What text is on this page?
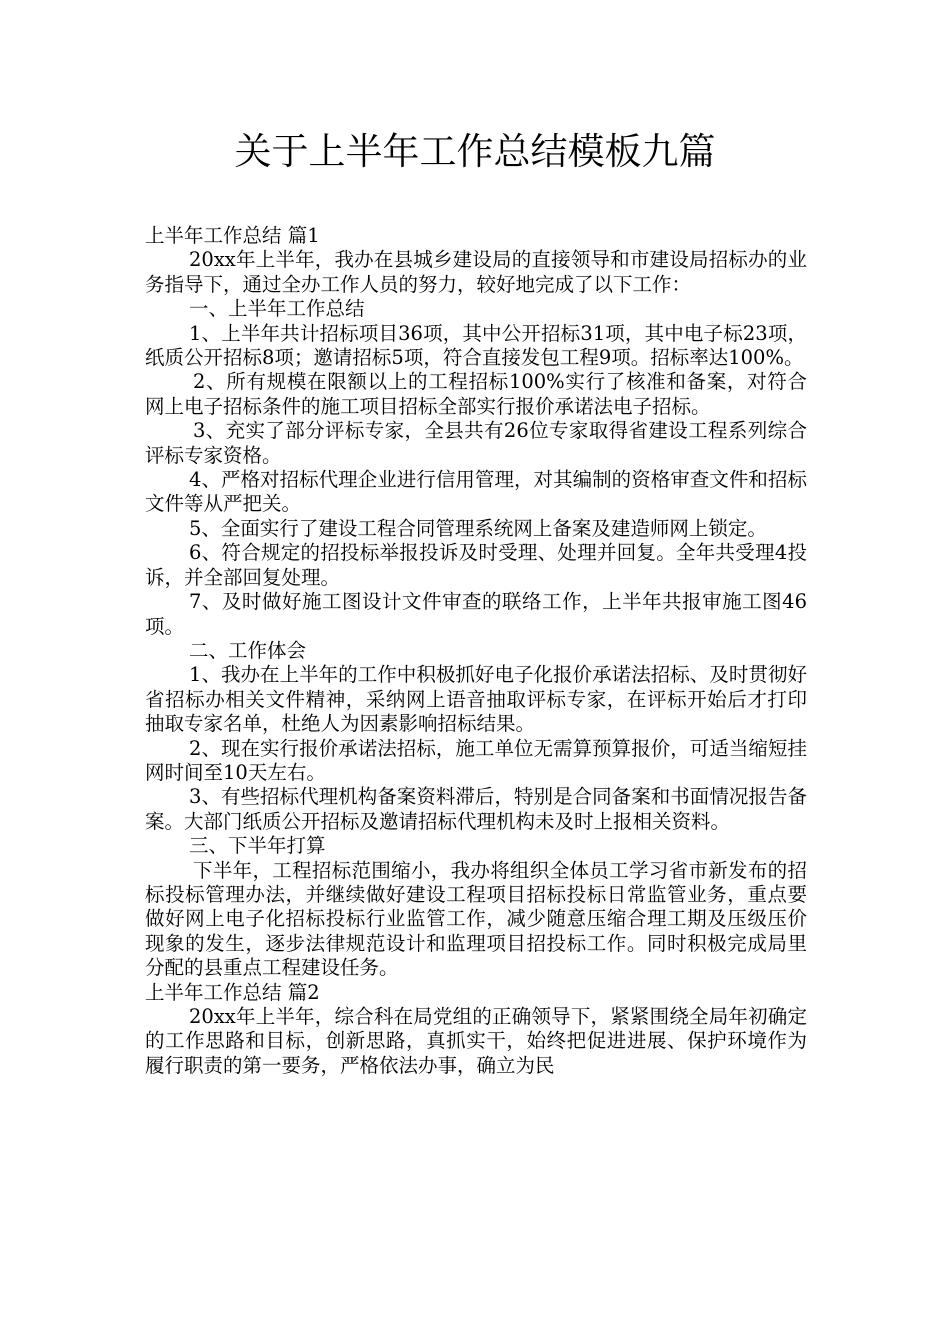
关于上半年工作总结模板九篇

上半年工作总结 篇1

20xx年上半年，我办在县城乡建设局的直接领导和市建设局招标办的业务指导下，通过全办工作人员的努力，较好地完成了以下工作：

一、上半年工作总结

1、上半年共计招标项目36项，其中公开招标31项，其中电子标23项，纸质公开招标8项；邀请招标5项，符合直接发包工程9项。招标率达100%。

2、所有规模在限额以上的工程招标100%实行了核准和备案，对符合网上电子招标条件的施工项目招标全部实行报价承诺法电子招标。

3、充实了部分评标专家，全县共有26位专家取得省建设工程系列综合评标专家资格。

4、严格对招标代理企业进行信用管理，对其编制的资格审查文件和招标文件等从严把关。

5、全面实行了建设工程合同管理系统网上备案及建造师网上锁定。

6、符合规定的招投标举报投诉及时受理、处理并回复。全年共受理4投诉，并全部回复处理。

7、及时做好施工图设计文件审查的联络工作，上半年共报审施工图46项。

二、工作体会

1、我办在上半年的工作中积极抓好电子化报价承诺法招标、及时贯彻好省招标办相关文件精神，采纳网上语音抽取评标专家，在评标开始后才打印抽取专家名单，杜绝人为因素影响招标结果。

2、现在实行报价承诺法招标，施工单位无需算预算报价，可适当缩短挂网时间至10天左右。

3、有些招标代理机构备案资料滞后，特别是合同备案和书面情况报告备案。大部门纸质公开招标及邀请招标代理机构未及时上报相关资料。

三、下半年打算

下半年，工程招标范围缩小，我办将组织全体员工学习省市新发布的招标投标管理办法，并继续做好建设工程项目招标投标日常监管业务，重点要做好网上电子化招标投标行业监管工作，减少随意压缩合理工期及压级压价现象的发生，逐步法律规范设计和监理项目招投标工作。同时积极完成局里分配的县重点工程建设任务。

上半年工作总结 篇2

20xx年上半年，综合科在局党组的正确领导下，紧紧围绕全局年初确定的工作思路和目标，创新思路，真抓实干，始终把促进进展、保护环境作为履行职责的第一要务，严格依法办事，确立为民
